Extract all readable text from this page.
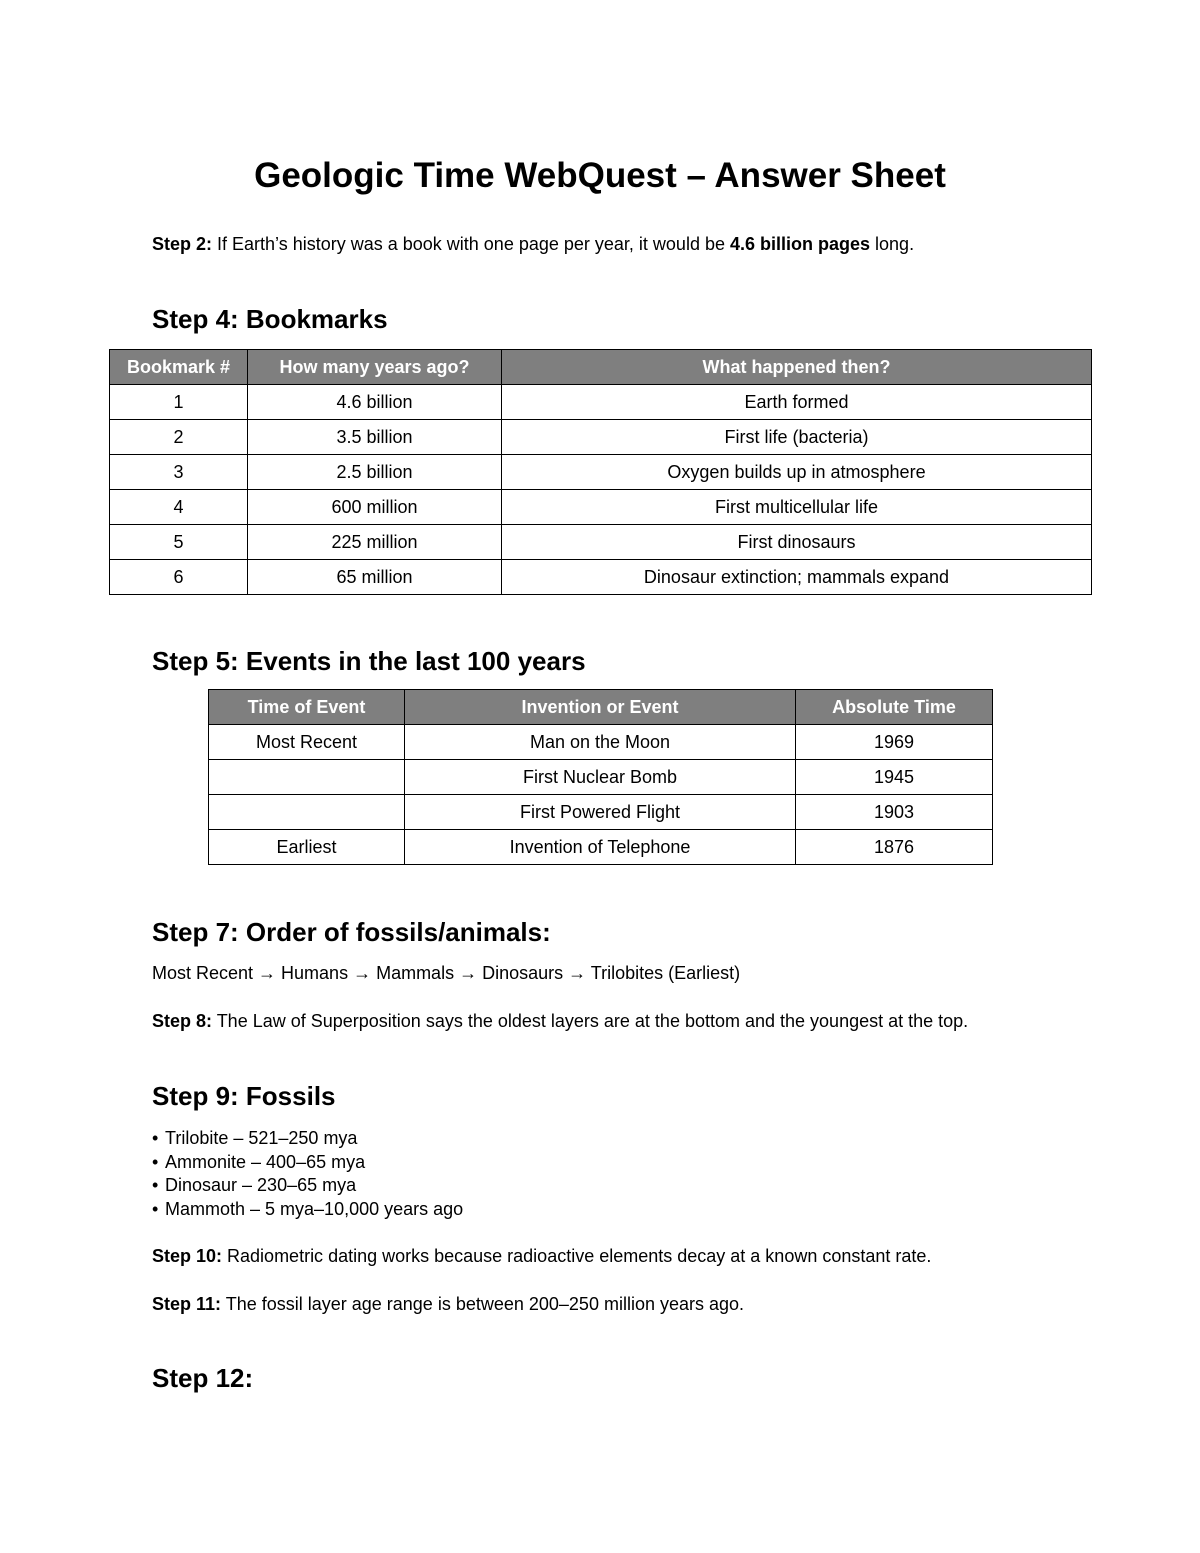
Geologic Time WebQuest – Answer Sheet

Step 2: If Earth’s history was a book with one page per year, it would be 4.6 billion pages long.

Step 4: Bookmarks
Bookmark #	How many years ago?	What happened then?
1	4.6 billion	Earth formed
2	3.5 billion	First life (bacteria)
3	2.5 billion	Oxygen builds up in atmosphere
4	600 million	First multicellular life
5	225 million	First dinosaurs
6	65 million	Dinosaur extinction; mammals expand
Step 5: Events in the last 100 years
Time of Event	Invention or Event	Absolute Time
Most Recent	Man on the Moon	1969
	First Nuclear Bomb	1945
	First Powered Flight	1903
Earliest	Invention of Telephone	1876
Step 7: Order of fossils/animals:

Most Recent → Humans → Mammals → Dinosaurs → Trilobites (Earliest)

Step 8: The Law of Superposition says the oldest layers are at the bottom and the youngest at the top.

Step 9: Fossils
• Trilobite – 521–250 mya
• Ammonite – 400–65 mya
• Dinosaur – 230–65 mya
• Mammoth – 5 mya–10,000 years ago

Step 10: Radiometric dating works because radioactive elements decay at a known constant rate.

Step 11: The fossil layer age range is between 200–250 million years ago.

Step 12:
